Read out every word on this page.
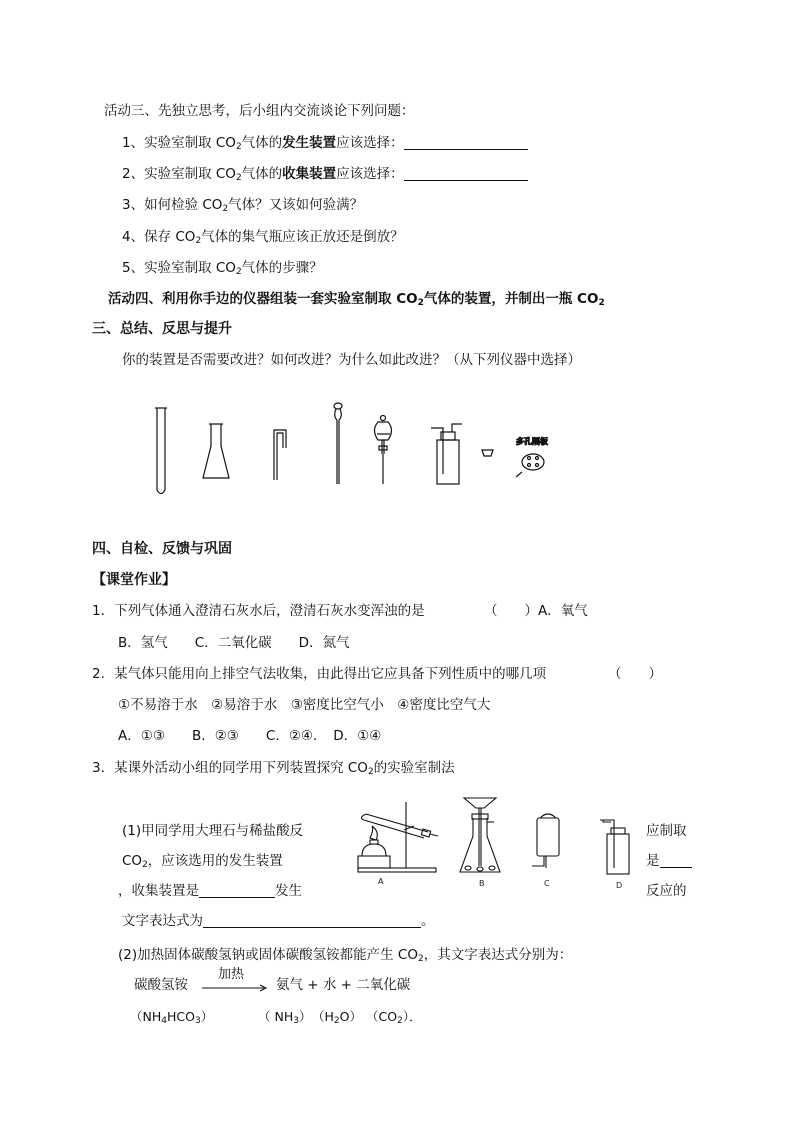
活动三、先独立思考，后小组内交流谈论下列问题：
1、实验室制取 $CO_2$气体的发生装置应该选择：
2、实验室制取 $CO_2$气体的收集装置应该选择：
3、如何检验 $CO_2$气体？又该如何验满？
4、保存 $CO_2$气体的集气瓶应该正放还是倒放？
5、实验室制取 $CO_2$气体的步骤？
活动四、利用你手边的仪器组装一套实验室制取 $CO_2$气体的装置，并制出一瓶 $CO_2$
三、总结、反思与提升
你的装置是否需要改进？如何改进？为什么如此改进？（从下列仪器中选择）
多孔隔板
四、自检、反馈与巩固
【课堂作业】
1．下列气体通入澄清石灰水后，澄清石灰水变浑浊的是	（　　）A．氧气
B．氢气　　C．二氧化碳　　D．氮气
2．某气体只能用向上排空气法收集，由此得出它应具备下列性质中的哪几项	（　　）
①不易溶于水　②易溶于水　③密度比空气小　④密度比空气大
A．①③　　B．②③　　C．②④．　D．①④
3．某课外活动小组的同学用下列装置探究 $CO_2$的实验室制法
(1)甲同学用大理石与稀盐酸反
$CO_2$，应该选用的发生装置
，收集装置是	发生
应制取
是
反应的
A	B	C	D
文字表达式为	。
(2)加热固体碳酸氢钠或固体碳酸氢铵都能产生 $CO_2$，其文字表达式分别为：
碳酸氢铵
加热
氨气 + 水 + 二氧化碳
$(NH_4HCO_3)$	（ $NH_3$） $(H_2O)$ $(CO_2)$．
